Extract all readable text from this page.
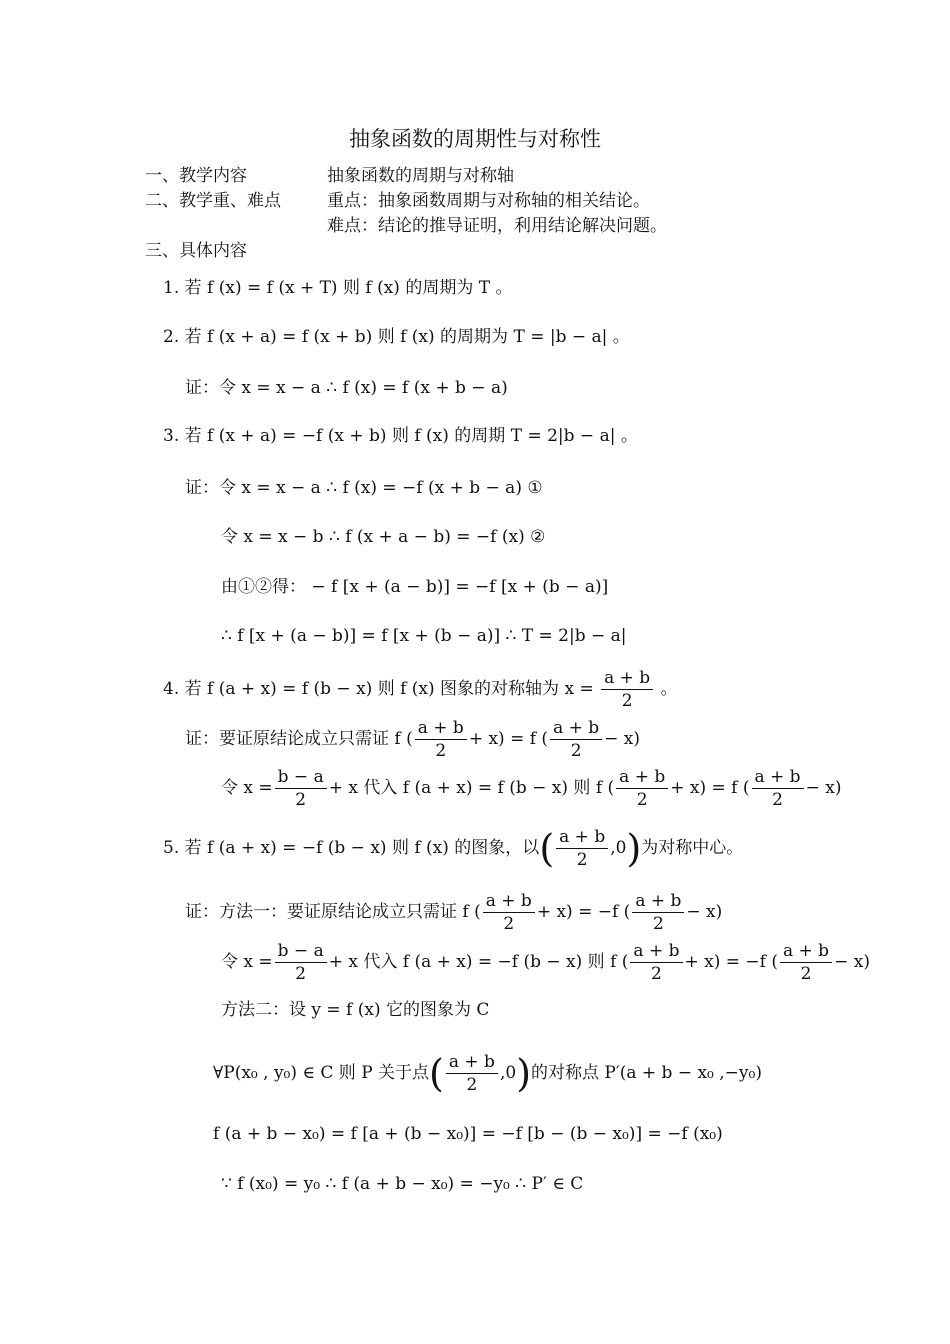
抽象函数的周期性与对称性
一、教学内容	抽象函数的周期与对称轴
二、教学重、难点	重点：抽象函数周期与对称轴的相关结论。
难点：结论的推导证明，利用结论解决问题。
三、具体内容
1. 若 f (x) = f (x + T) 则 f (x) 的周期为 T 。
2. 若 f (x + a) = f (x + b) 则 f (x) 的周期为 T = |b − a| 。
证：令 x = x − a ∴ f (x) = f (x + b − a)
3. 若 f (x + a) = −f (x + b) 则 f (x) 的周期 T = 2|b − a| 。
证：令 x = x − a ∴ f (x) = −f (x + b − a) ①
令 x = x − b ∴ f (x + a − b) = −f (x) ②
由①②得： − f [x + (a − b)] = −f [x + (b − a)]
∴ f [x + (a − b)] = f [x + (b − a)] ∴ T = 2|b − a|
4. 若 f (a + x) = f (b − x) 则 f (x) 图象的对称轴为 $x = \frac{a + b}{2}$ 。
证：要证原结论成立只需证 f ( $\frac{a + b}{2} + x) = f$ ( $\frac{a + b}{2} - x$)
令 $x = \frac{b - a}{2} + x$ 代入 f (a + x) = f (b − x) 则 f ( $\frac{a + b}{2} + x) = f$ ( $\frac{a + b}{2} - x$)
5. 若 f (a + x) = −f (b − x) 则 f (x) 的图象，以( $\frac{a + b}{2} ,0$)为对称中心。
证：方法一：要证原结论成立只需证 f ( $\frac{a + b}{2} + x) = -f$ ( $\frac{a + b}{2} - x$)
令 $x = \frac{b - a}{2} + x$ 代入 f (a + x) = −f (b − x) 则 f ( $\frac{a + b}{2} + x) = -f$ ( $\frac{a + b}{2} - x$)
方法二：设 y = f (x) 它的图象为 C
∀P(x₀ , y₀) ∈ C 则 P 关于点( $\frac{a + b}{2} ,0$)的对称点 P′(a + b − x₀ ,−y₀)
f (a + b − x₀) = f [a + (b − x₀)] = −f [b − (b − x₀)] = −f (x₀)
∵ f (x₀) = y₀ ∴ f (a + b − x₀) = −y₀ ∴ P′ ∈ C
